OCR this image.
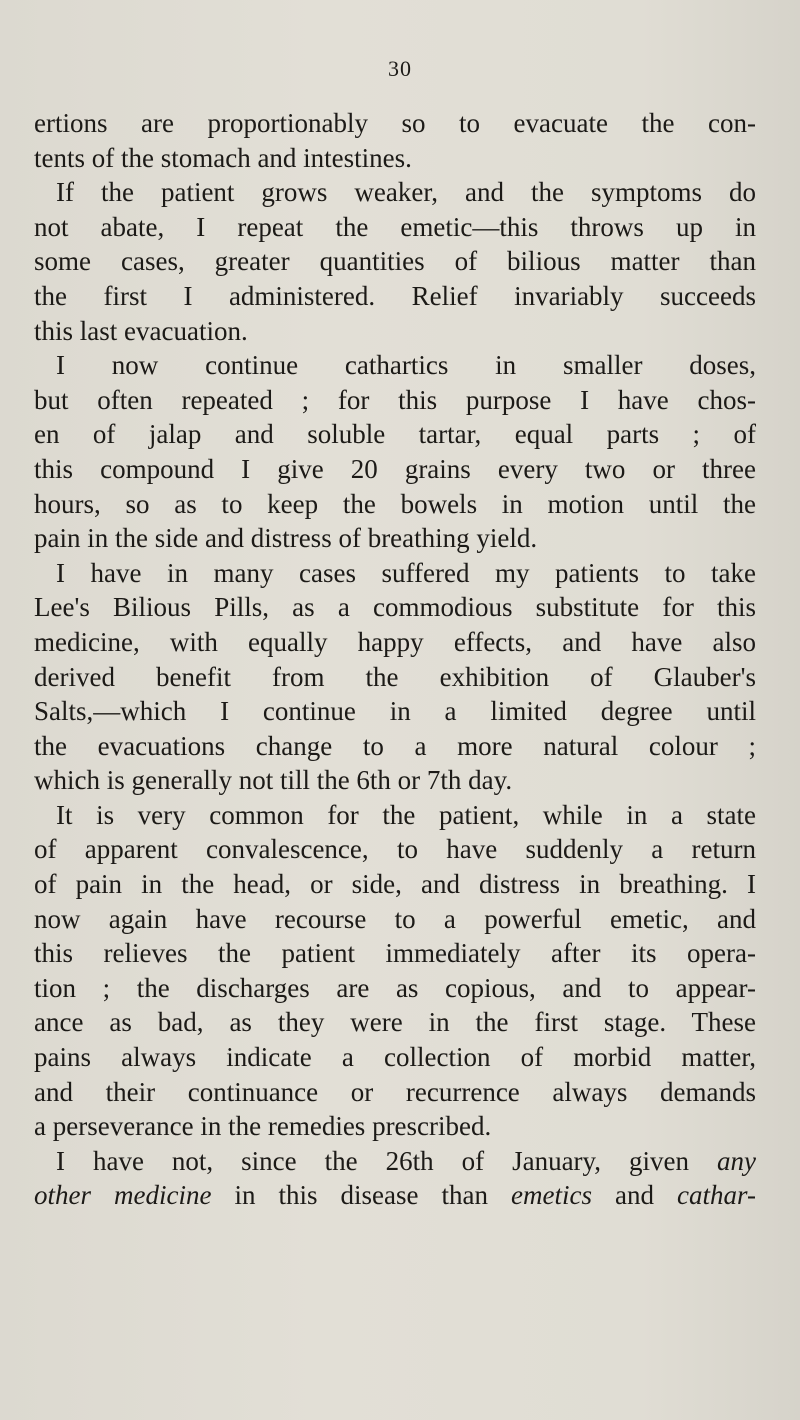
30
ertions are proportionably so to evacuate the con-
tents of the stomach and intestines.
If the patient grows weaker, and the symptoms do
not abate, I repeat the emetic—this throws up in
some cases, greater quantities of bilious matter than
the first I administered. Relief invariably succeeds
this last evacuation.
I now continue cathartics in smaller doses,
but often repeated ; for this purpose I have chos-
en of jalap and soluble tartar, equal parts ; of
this compound I give 20 grains every two or three
hours, so as to keep the bowels in motion until the
pain in the side and distress of breathing yield.
I have in many cases suffered my patients to take
Lee's Bilious Pills, as a commodious substitute for this
medicine, with equally happy effects, and have also
derived benefit from the exhibition of Glauber's
Salts,—which I continue in a limited degree until
the evacuations change to a more natural colour ;
which is generally not till the 6th or 7th day.
It is very common for the patient, while in a state
of apparent convalescence, to have suddenly a return
of pain in the head, or side, and distress in breathing. I
now again have recourse to a powerful emetic, and
this relieves the patient immediately after its opera-
tion ; the discharges are as copious, and to appear-
ance as bad, as they were in the first stage. These
pains always indicate a collection of morbid matter,
and their continuance or recurrence always demands
a perseverance in the remedies prescribed.
I have not, since the 26th of January, given any
other medicine in this disease than emetics and cathar-
